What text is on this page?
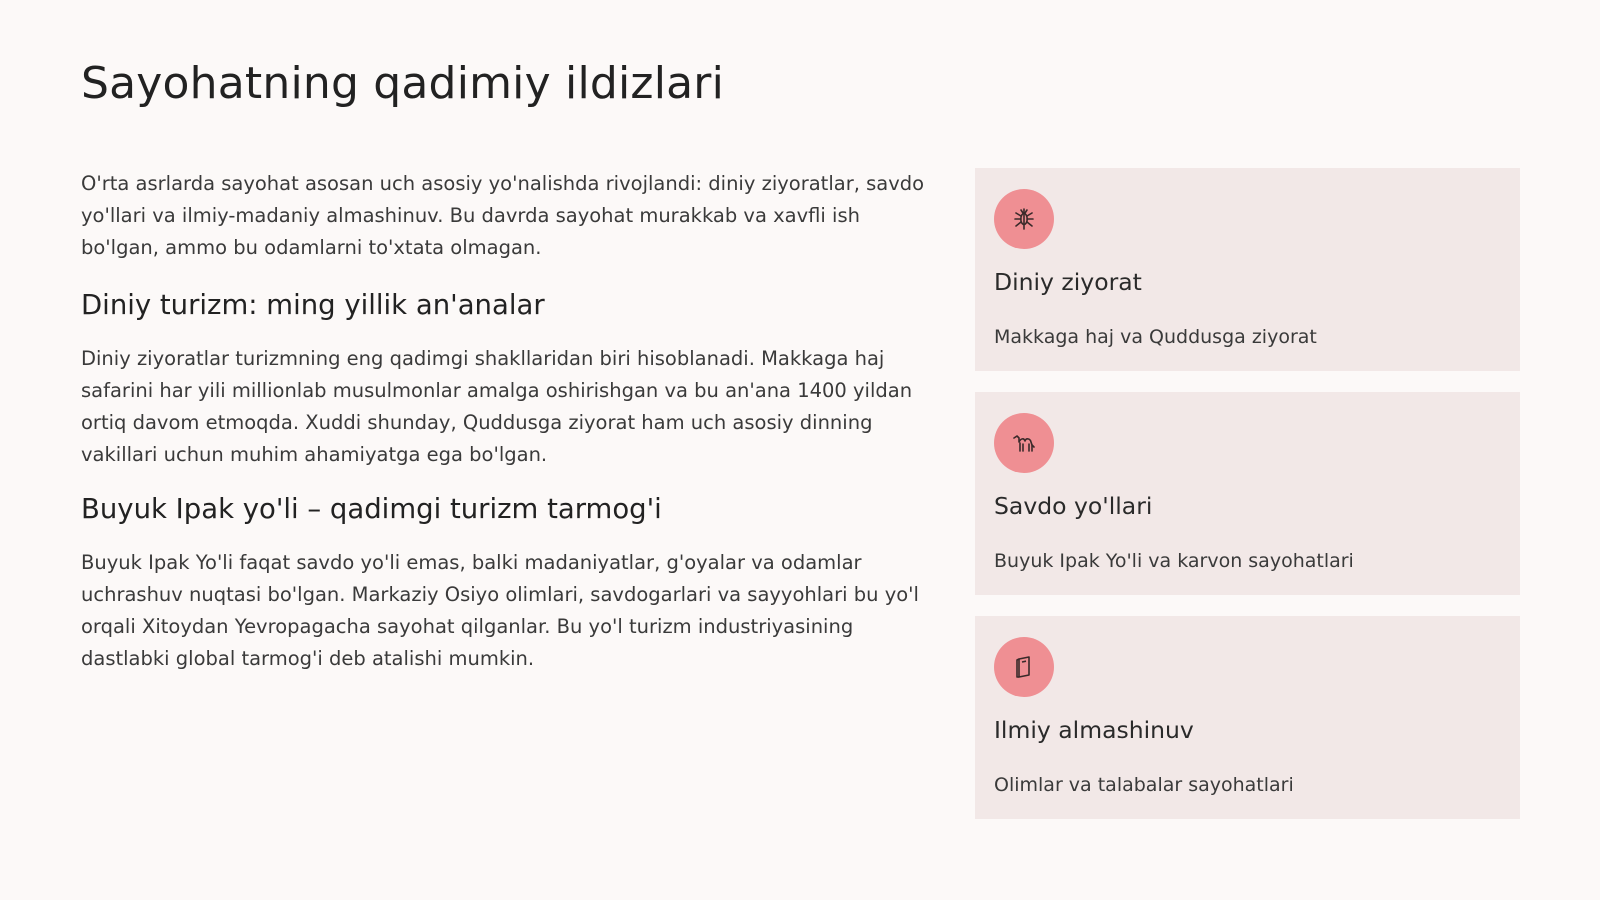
Sayohatning qadimiy ildizlari

O'rta asrlarda sayohat asosan uch asosiy yo'nalishda rivojlandi: diniy ziyoratlar, savdo yo'llari va ilmiy-madaniy almashinuv. Bu davrda sayohat murakkab va xavfli ish bo'lgan, ammo bu odamlarni to'xtata olmagan.

Diniy turizm: ming yillik an'analar

Diniy ziyoratlar turizmning eng qadimgi shakllaridan biri hisoblanadi. Makkaga haj safarini har yili millionlab musulmonlar amalga oshirishgan va bu an'ana 1400 yildan ortiq davom etmoqda. Xuddi shunday, Quddusga ziyorat ham uch asosiy dinning vakillari uchun muhim ahamiyatga ega bo'lgan.

Buyuk Ipak yo'li – qadimgi turizm tarmog'i

Buyuk Ipak Yo'li faqat savdo yo'li emas, balki madaniyatlar, g'oyalar va odamlar uchrashuv nuqtasi bo'lgan. Markaziy Osiyo olimlari, savdogarlari va sayyohlari bu yo'l orqali Xitoydan Yevropagacha sayohat qilganlar. Bu yo'l turizm industriyasining dastlabki global tarmog'i deb atalishi mumkin.

Diniy ziyorat
Makkaga haj va Quddusga ziyorat
Savdo yo'llari
Buyuk Ipak Yo'li va karvon sayohatlari
Ilmiy almashinuv
Olimlar va talabalar sayohatlari
